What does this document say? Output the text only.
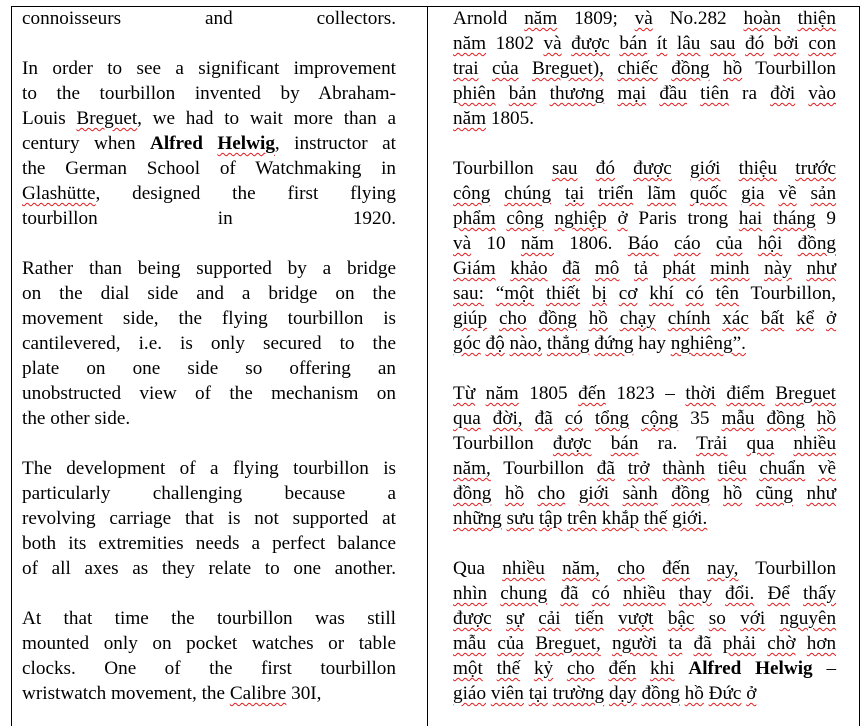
connoisseurs and collectors.
In order to see a significant improvement
to the tourbillon invented by Abraham-
Louis Breguet, we had to wait more than a
century when Alfred Helwig, instructor at
the German School of Watchmaking in
Glashütte, designed the first flying
tourbillon in 1920.
Rather than being supported by a bridge
on the dial side and a bridge on the
movement side, the flying tourbillon is
cantilevered, i.e. is only secured to the
plate on one side so offering an
unobstructed view of the mechanism on
the other side.
The development of a flying tourbillon is
particularly challenging because a
revolving carriage that is not supported at
both its extremities needs a perfect balance
of all axes as they relate to one another.
At that time the tourbillon was still
mounted only on pocket watches or table
clocks. One of the first tourbillon
wristwatch movement, the Calibre 30I,
Arnold năm 1809; và No.282 hoàn thiện
năm 1802 và được bán ít lâu sau đó bởi con
trai của Breguet), chiếc đồng hồ Tourbillon
phiên bản thương mại đầu tiên ra đời vào
năm 1805.
Tourbillon sau đó được giới thiệu trước
công chúng tại triển lãm quốc gia về sản
phẩm công nghiệp ở Paris trong hai tháng 9
và 10 năm 1806. Báo cáo của hội đồng
Giám khảo đã mô tả phát minh này như
sau: “một thiết bị cơ khí có tên Tourbillon,
giúp cho đồng hồ chạy chính xác bất kể ở
góc độ nào, thẳng đứng hay nghiêng”.
Từ năm 1805 đến 1823 – thời điểm Breguet
qua đời, đã có tổng cộng 35 mẫu đồng hồ
Tourbillon được bán ra. Trải qua nhiều
năm, Tourbillon đã trở thành tiêu chuẩn về
đồng hồ cho giới sành đồng hồ cũng như
những sưu tập trên khắp thế giới.
Qua nhiều năm, cho đến nay, Tourbillon
nhìn chung đã có nhiều thay đổi. Để thấy
được sự cải tiến vượt bậc so với nguyên
mẫu của Breguet, người ta đã phải chờ hơn
một thế kỷ cho đến khi Alfred Helwig –
giáo viên tại trường dạy đồng hồ Đức ở
